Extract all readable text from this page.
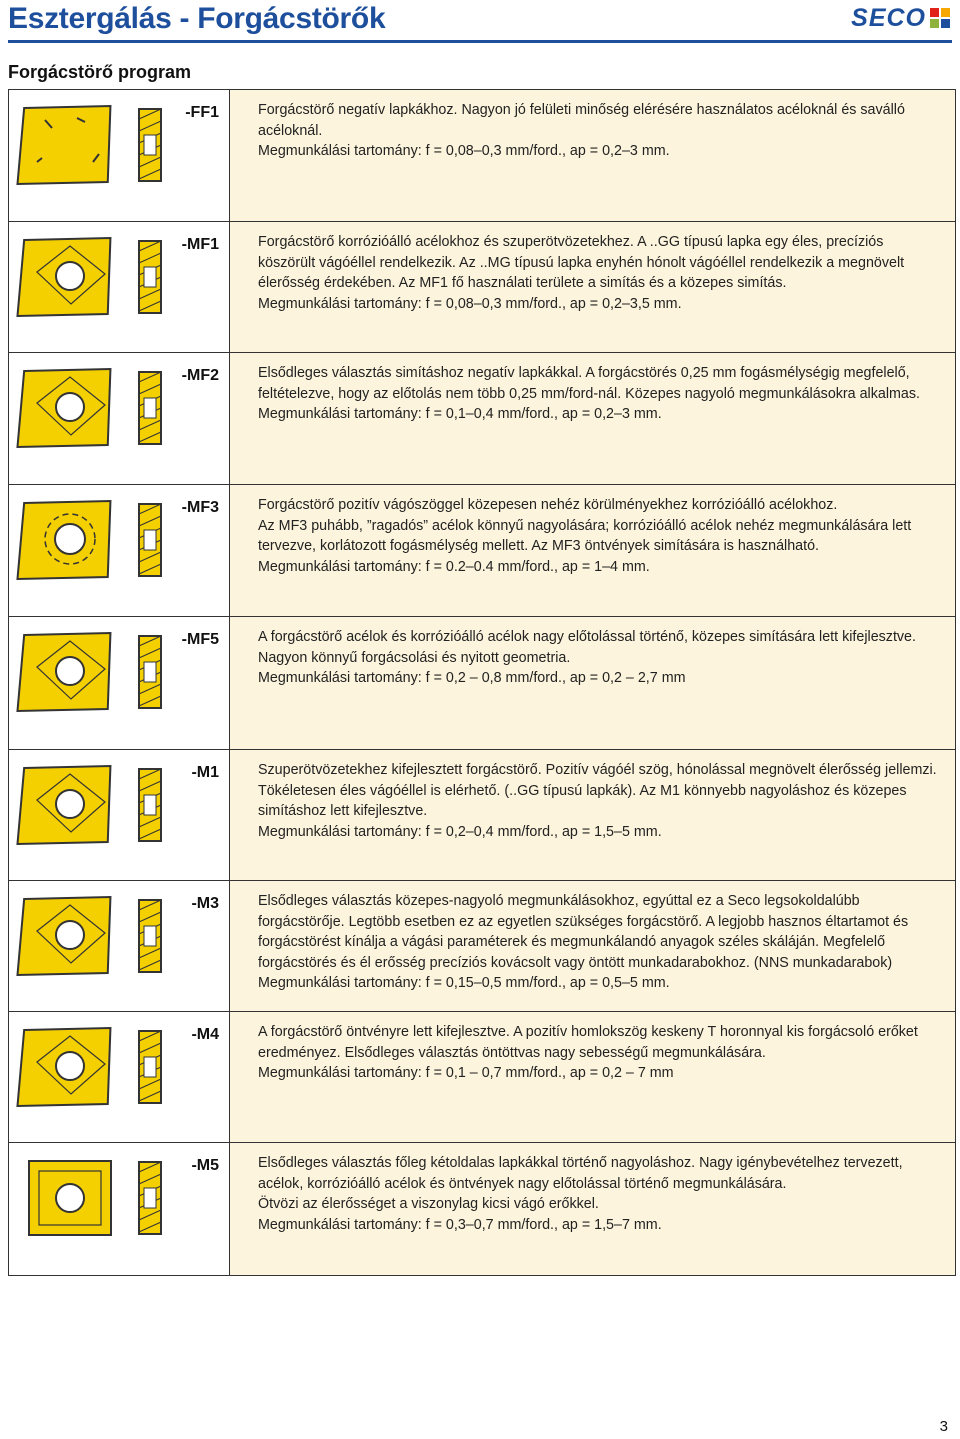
Esztergálás - Forgácstörők	SECO
Forgácstörő program
-FF1	Forgácstörő negatív lapkákhoz. Nagyon jó felületi minőség elérésére használatos acéloknál és saválló acéloknál.

Megmunkálási tartomány: f = 0,08–0,3 mm/ford., ap = 0,2–3 mm.

-MF1	Forgácstörő korrózióálló acélokhoz és szuperötvözetekhez. A ..GG típusú lapka egy éles, precíziós köszörült vágóéllel rendelkezik. Az ..MG típusú lapka enyhén hónolt vágóéllel rendelkezik a megnövelt élerősség érdekében. Az MF1 fő használati területe a simítás és a közepes simítás.

Megmunkálási tartomány: f = 0,08–0,3 mm/ford., ap = 0,2–3,5 mm.

-MF2	Elsődleges választás simításhoz negatív lapkákkal. A forgácstörés 0,25 mm fogásmélységig megfelelő, feltételezve, hogy az előtolás nem több 0,25 mm/ford-nál. Közepes nagyoló megmunkálásokra alkalmas.

Megmunkálási tartomány: f = 0,1–0,4 mm/ford., ap = 0,2–3 mm.

-MF3	Forgácstörő pozitív vágószöggel közepesen nehéz körülményekhez korrózióálló acélokhoz.

Az MF3 puhább, ”ragadós” acélok könnyű nagyolására; korrózióálló acélok nehéz megmunkálására lett tervezve, korlátozott fogásmélység mellett. Az MF3 öntvények simítására is használható.

Megmunkálási tartomány: f = 0.2–0.4 mm/ford., ap = 1–4 mm.

-MF5	A forgácstörő acélok és korrózióálló acélok nagy előtolással történő, közepes simítására lett kifejlesztve.

Nagyon könnyű forgácsolási és nyitott geometria.

Megmunkálási tartomány: f = 0,2 – 0,8 mm/ford., ap = 0,2 – 2,7 mm

-M1	Szuperötvözetekhez kifejlesztett forgácstörő. Pozitív vágóél szög, hónolással megnövelt élerősség jellemzi. Tökéletesen éles vágóéllel is elérhető. (..GG típusú lapkák). Az M1 könnyebb nagyoláshoz és közepes simításhoz lett kifejlesztve.

Megmunkálási tartomány: f = 0,2–0,4 mm/ford., ap = 1,5–5 mm.

-M3	Elsődleges választás közepes-nagyoló megmunkálásokhoz, egyúttal ez a Seco legsokoldalúbb forgácstörője. Legtöbb esetben ez az egyetlen szükséges forgácstörő. A legjobb hasznos éltartamot és forgácstörést kínálja a vágási paraméterek és megmunkálandó anyagok széles skáláján. Megfelelő forgácstörés és él erősség precíziós kovácsolt vagy öntött munkadarabokhoz. (NNS munkadarabok)

Megmunkálási tartomány: f = 0,15–0,5 mm/ford., ap = 0,5–5 mm.

-M4	A forgácstörő öntvényre lett kifejlesztve. A pozitív homlokszög keskeny T horonnyal kis forgácsoló erőket eredményez. Elsődleges választás öntöttvas nagy sebességű megmunkálására.

Megmunkálási tartomány: f = 0,1 – 0,7 mm/ford., ap = 0,2 – 7 mm

-M5	Elsődleges választás főleg kétoldalas lapkákkal történő nagyoláshoz. Nagy igénybevételhez tervezett, acélok, korrózióálló acélok és öntvények nagy előtolással történő megmunkálására.

Ötvözi az élerősséget a viszonylag kicsi vágó erőkkel.

Megmunkálási tartomány: f = 0,3–0,7 mm/ford., ap = 1,5–7 mm.

3
